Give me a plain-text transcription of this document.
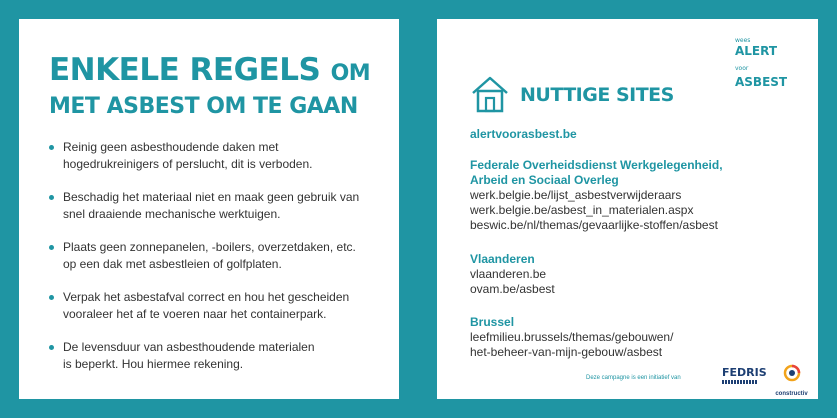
ENKELE REGELS OM
MET ASBEST OM TE GAAN
Reinig geen asbesthoudende daken met
hogedrukreinigers of perslucht, dit is verboden.
Beschadig het materiaal niet en maak geen gebruik van
snel draaiende mechanische werktuigen.
Plaats geen zonnepanelen, -boilers, overzetdaken, etc.
op een dak met asbestleien of golfplaten.
Verpak het asbestafval correct en hou het gescheiden
vooraleer het af te voeren naar het containerpark.
De levensduur van asbesthoudende materialen
is beperkt. Hou hiermee rekening.
wees
ALERT
voor ASBEST
NUTTIGE SITES
alertvoorasbest.be
Federale Overheidsdienst Werkgelegenheid,
Arbeid en Sociaal Overleg
werk.belgie.be/lijst_asbestverwijderaars
werk.belgie.be/asbest_in_materialen.aspx
beswic.be/nl/themas/gevaarlijke-stoffen/asbest
Vlaanderen
vlaanderen.be
ovam.be/asbest
Brussel
leefmilieu.brussels/themas/gebouwen/
het-beheer-van-mijn-gebouw/asbest
Deze campagne is een initiatief van	FEDRIS
constructiv
